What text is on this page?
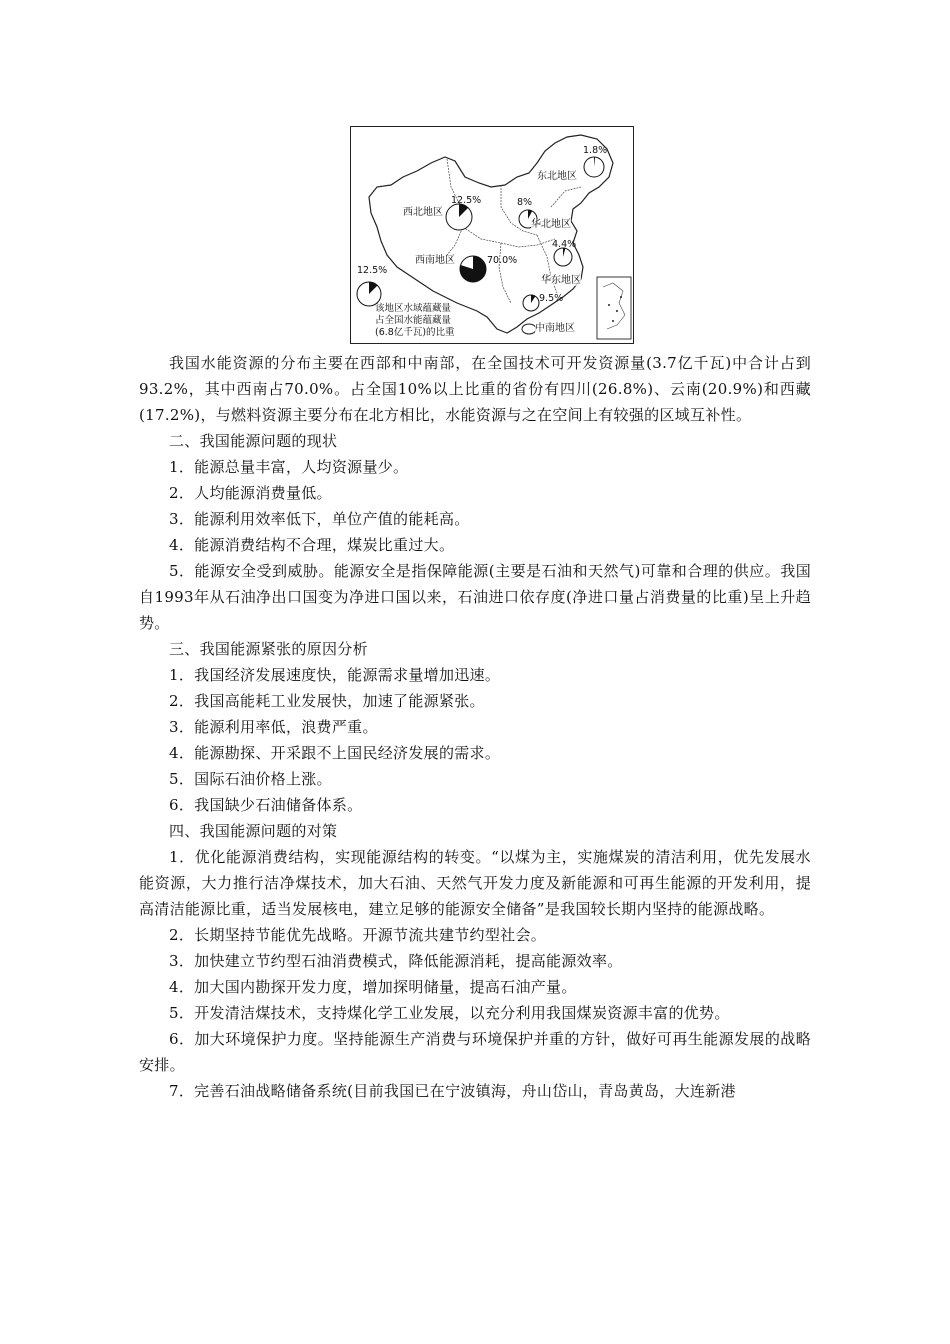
东北地区
1.8%
西北地区
12.5%
华北地区
8%
西南地区	70.0%
华东地区
4.4%
中南地区
9.5%
12.5%
该地区水域蕴藏量
占全国水能蕴藏量
(6.8亿千瓦)的比重

我国水能资源的分布主要在西部和中南部，在全国技术可开发资源量(3.7亿千瓦)中合计占到93.2%，其中西南占70.0%。占全国10%以上比重的省份有四川(26.8%)、云南(20.9%)和西藏(17.2%)，与燃料资源主要分布在北方相比，水能资源与之在空间上有较强的区域互补性。

二、我国能源问题的现状

1．能源总量丰富，人均资源量少。

2．人均能源消费量低。

3．能源利用效率低下，单位产值的能耗高。

4．能源消费结构不合理，煤炭比重过大。

5．能源安全受到威胁。能源安全是指保障能源(主要是石油和天然气)可靠和合理的供应。我国自1993年从石油净出口国变为净进口国以来，石油进口依存度(净进口量占消费量的比重)呈上升趋势。

三、我国能源紧张的原因分析

1．我国经济发展速度快，能源需求量增加迅速。

2．我国高能耗工业发展快，加速了能源紧张。

3．能源利用率低，浪费严重。

4．能源勘探、开采跟不上国民经济发展的需求。

5．国际石油价格上涨。

6．我国缺少石油储备体系。

四、我国能源问题的对策

1．优化能源消费结构，实现能源结构的转变。“以煤为主，实施煤炭的清洁利用，优先发展水能资源，大力推行洁净煤技术，加大石油、天然气开发力度及新能源和可再生能源的开发利用，提高清洁能源比重，适当发展核电，建立足够的能源安全储备”是我国较长期内坚持的能源战略。

2．长期坚持节能优先战略。开源节流共建节约型社会。

3．加快建立节约型石油消费模式，降低能源消耗，提高能源效率。

4．加大国内勘探开发力度，增加探明储量，提高石油产量。

5．开发清洁煤技术，支持煤化学工业发展，以充分利用我国煤炭资源丰富的优势。

6．加大环境保护力度。坚持能源生产消费与环境保护并重的方针，做好可再生能源发展的战略安排。

7．完善石油战略储备系统(目前我国已在宁波镇海，舟山岱山，青岛黄岛，大连新港
